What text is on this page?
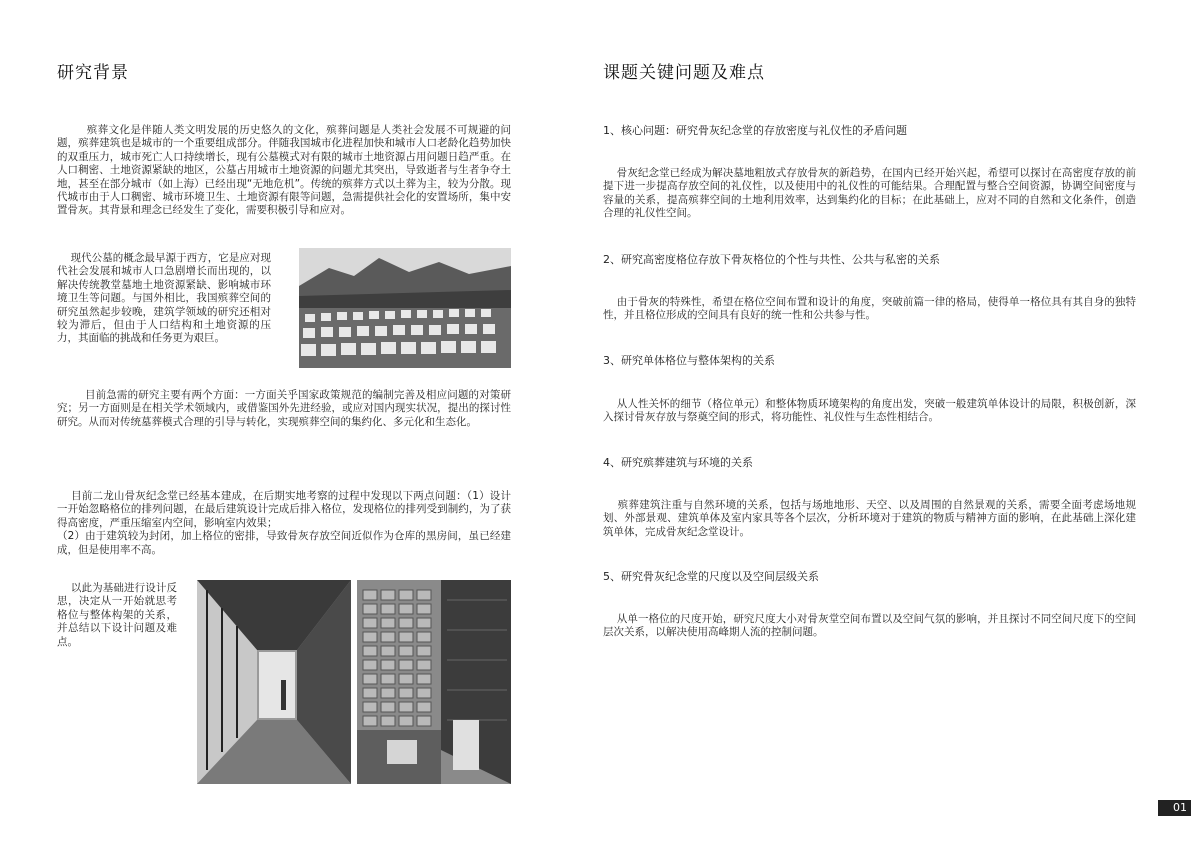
研究背景

殡葬文化是伴随人类文明发展的历史悠久的文化，殡葬问题是人类社会发展不可规避的问题，殡葬建筑也是城市的一个重要组成部分。伴随我国城市化进程加快和城市人口老龄化趋势加快的双重压力，城市死亡人口持续增长，现有公墓模式对有限的城市土地资源占用问题日趋严重。在人口稠密、土地资源紧缺的地区，公墓占用城市土地资源的问题尤其突出，导致逝者与生者争夺土地，甚至在部分城市（如上海）已经出现“无地危机”。传统的殡葬方式以土葬为主，较为分散。现代城市由于人口稠密、城市环境卫生、土地资源有限等问题，急需提供社会化的安置场所，集中安置骨灰。其背景和理念已经发生了变化，需要积极引导和应对。

现代公墓的概念最早源于西方，它是应对现代社会发展和城市人口急剧增长而出现的，以解决传统教堂墓地土地资源紧缺、影响城市环境卫生等问题。与国外相比，我国殡葬空间的研究虽然起步较晚，建筑学领域的研究还相对较为滞后，但由于人口结构和土地资源的压力，其面临的挑战和任务更为艰巨。

目前急需的研究主要有两个方面：一方面关乎国家政策规范的编制完善及相应问题的对策研究；另一方面则是在相关学术领域内，或借鉴国外先进经验，或应对国内现实状况，提出的探讨性研究。从而对传统墓葬模式合理的引导与转化，实现殡葬空间的集约化、多元化和生态化。

目前二龙山骨灰纪念堂已经基本建成，在后期实地考察的过程中发现以下两点问题：（1）设计一开始忽略格位的排列问题，在最后建筑设计完成后排入格位，发现格位的排列受到制约，为了获得高密度，严重压缩室内空间，影响室内效果；
（2）由于建筑较为封闭，加上格位的密排，导致骨灰存放空间近似作为仓库的黑房间，虽已经建成，但是使用率不高。

以此为基础进行设计反思，决定从一开始就思考格位与整体构架的关系，并总结以下设计问题及难点。

课题关键问题及难点
1、核心问题：研究骨灰纪念堂的存放密度与礼仪性的矛盾问题

骨灰纪念堂已经成为解决墓地粗放式存放骨灰的新趋势，在国内已经开始兴起，希望可以探讨在高密度存放的前提下进一步提高存放空间的礼仪性，以及使用中的礼仪性的可能结果。合理配置与整合空间资源，协调空间密度与容量的关系，提高殡葬空间的土地利用效率，达到集约化的目标；在此基础上，应对不同的自然和文化条件，创造合理的礼仪性空间。

2、研究高密度格位存放下骨灰格位的个性与共性、公共与私密的关系

由于骨灰的特殊性，希望在格位空间布置和设计的角度，突破前篇一律的格局，使得单一格位具有其自身的独特性，并且格位形成的空间具有良好的统一性和公共参与性。

3、研究单体格位与整体架构的关系

从人性关怀的细节（格位单元）和整体物质环境架构的角度出发，突破一般建筑单体设计的局限，积极创新，深入探讨骨灰存放与祭奠空间的形式，将功能性、礼仪性与生态性相结合。

4、研究殡葬建筑与环境的关系

殡葬建筑注重与自然环境的关系，包括与场地地形、天空、以及周围的自然景观的关系，需要全面考虑场地规划、外部景观、建筑单体及室内家具等各个层次，分析环境对于建筑的物质与精神方面的影响，在此基础上深化建筑单体，完成骨灰纪念堂设计。

5、研究骨灰纪念堂的尺度以及空间层级关系

从单一格位的尺度开始，研究尺度大小对骨灰堂空间布置以及空间气氛的影响，并且探讨不同空间尺度下的空间层次关系，以解决使用高峰期人流的控制问题。

01
